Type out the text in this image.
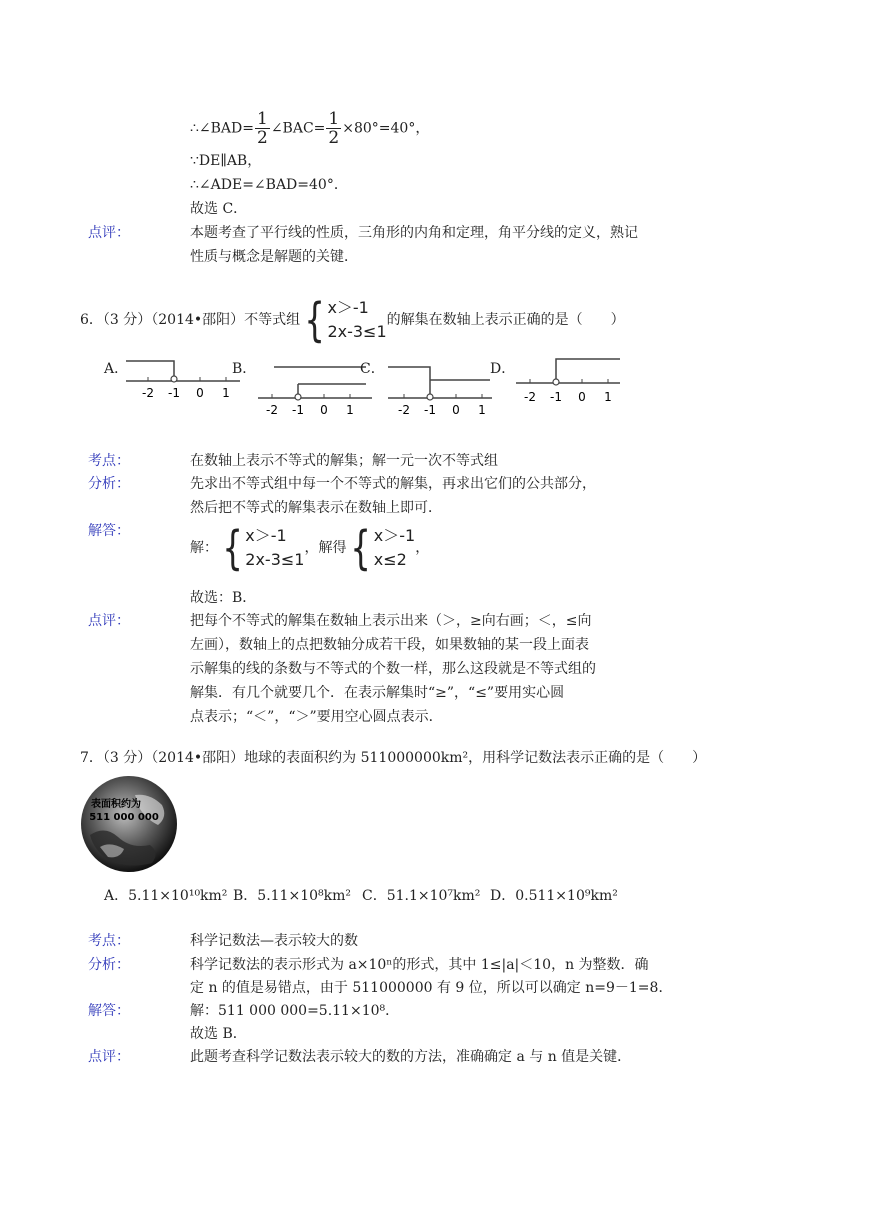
∴∠BAD= $\frac{1}{2}$ ∠BAC= $\frac{1}{2} \times 80^\circ=40^\circ$，
∵DE∥AB，
∴∠ADE=∠BAD=40°．
故选 C．
点评：	本题考查了平行线的性质，三角形的内角和定理，角平分线的定义，熟记
性质与概念是解题的关键．
6．（3 分）（2014•邵阳）不等式组 { x＞-1
2x-3≤1
的解集在数轴上表示正确的是（　　）
A．
-2 -1 0 1
B．
-2 -1 0 1
C．
-2 -1 0 1
D．
-2 -1 0 1
考点：	在数轴上表示不等式的解集；解一元一次不等式组
分析：	先求出不等式组中每一个不等式的解集，再求出它们的公共部分，
然后把不等式的解集表示在数轴上即可．
解答：
解： { x＞-1
2x-3≤1
，解得 { x＞-1
x≤2
，
故选：B．
点评：	把每个不等式的解集在数轴上表示出来（＞，≥向右画；＜，≤向
左画），数轴上的点把数轴分成若干段，如果数轴的某一段上面表
示解集的线的条数与不等式的个数一样，那么这段就是不等式组的
解集．有几个就要几个．在表示解集时“≥”，“≤”要用实心圆
点表示；“＜”，“＞”要用空心圆点表示．
7．（3 分）（2014•邵阳）地球的表面积约为 511000000km²，用科学记数法表示正确的是（　　）
表面积约为
511 000 000
A．5.11×10¹⁰km² B．5.11×10⁸km² C．51.1×10⁷km² D．0.511×10⁹km²
考点：	科学记数法—表示较大的数
分析：	科学记数法的表示形式为 a×10ⁿ的形式，其中 1≤|a|＜10，n 为整数．确
定 n 的值是易错点，由于 511000000 有 9 位，所以可以确定 n=9－1=8．
解答：	解：511 000 000=5.11×10⁸．
故选 B．
点评：	此题考查科学记数法表示较大的数的方法，准确确定 a 与 n 值是关键．
